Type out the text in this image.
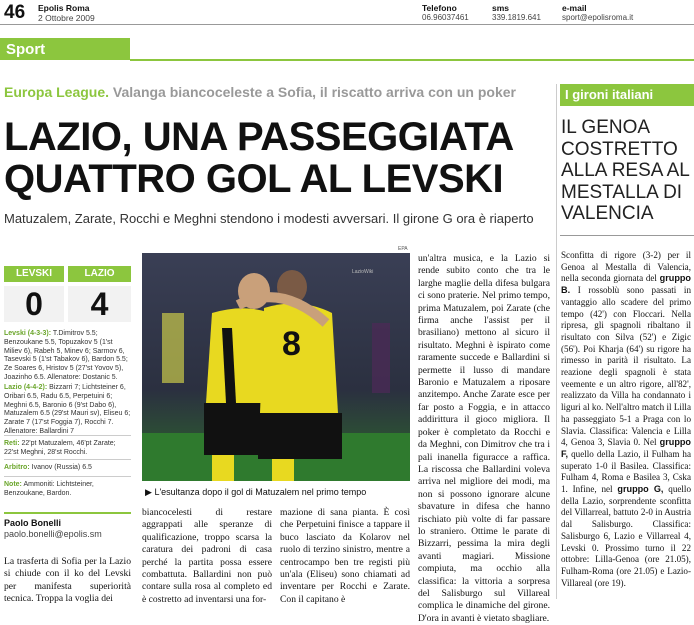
46 Epolis Roma
2 Ottobre 2009
Telefono
06.96037461
sms
339.1819.641
e-mail
sport@epolisroma.it
Sport
Europa League. Valanga biancoceleste a Sofia, il riscatto arriva con un poker
LAZIO, UNA PASSEGGIATA
QUATTRO GOL AL LEVSKI
Matuzalem, Zarate, Rocchi e Meghni stendono i modesti avversari. Il girone G ora è riaperto
LEVSKI	LAZIO
0	4
Levski (4-3-3): T.Dimitrov 5.5; Benzoukane 5.5, Topuzakov 5 (1'st Miliev 6), Rabeh 5, Minev 6; Sarmov 6, Tasevski 5 (1'st Tabakov 6), Bardon 5.5; Ze Soares 6, Hristov 5 (27'st Yovov 5), Joazinho 6.5. Allenatore: Dostanic 5.
Lazio (4-4-2): Bizzarri 7; Lichtsteiner 6, Oribari 6.5, Radu 6.5, Perpetuini 6; Meghni 6.5, Baronio 6 (9'st Dabo 6), Matuzalem 6.5 (29'st Mauri sv), Eliseu 6; Zarate 7 (17'st Foggia 7), Rocchi 7. Allenatore: Ballardini 7
Reti: 22'pt Matuzalem, 46'pt Zarate; 22'st Meghni, 28'st Rocchi.
Arbitro: Ivanov (Russia) 6.5
Note: Ammoniti: Lichtsteiner, Benzoukane, Bardon.
Paolo Bonelli
paolo.bonelli@epolis.sm
EPA
8
LazioWiki
▶ L'esultanza dopo il gol di Matuzalem nel primo tempo
La trasferta di Sofia per la Lazio si chiude con il ko del Levski per manifesta superiorità tecnica. Troppa la voglia dei
biancocelesti di restare aggrappati alle speranze di qualificazione, troppo scarsa la caratura dei padroni di casa perché la partita possa essere combattuta. Ballardini non può contare sulla rosa al completo ed è costretto ad inventarsi una for-
mazione di sana pianta. È così che Perpetuini finisce a tappare il buco lasciato da Kolarov nel ruolo di terzino sinistro, mentre a centrocampo ben tre registi più un'ala (Eliseu) sono chiamati ad inventare per Rocchi e Zarate. Con il capitano è
un'altra musica, e la Lazio si rende subito conto che tra le larghe maglie della difesa bulgara ci sono praterie. Nel primo tempo, prima Matuzalem, poi Zarate (che firma anche l'assist per il brasiliano) mettono al sicuro il risultato. Meghni è ispirato come raramente succede e Ballardini si permette il lusso di mandare Baronio e Matuzalem a riposare anzitempo. Anche Zarate esce per far posto a Foggia, e in attacco addirittura il gioco migliora. Il poker è completato da Rocchi e da Meghni, con Dimitrov che tra i pali inanella figuracce a raffica. La riscossa che Ballardini voleva arriva nel migliore dei modi, ma non si possono ignorare alcune sbavature in difesa che hanno rischiato più volte di far passare lo straniero. Ottime le parate di Bizzarri, pessima la mira degli avanti magiari. Missione compiuta, ma occhio alla classifica: la vittoria a sorpresa del Salisburgo sul Villareal complica le dinamiche del girone. D'ora in avanti è vietato sbagliare.
I gironi italiani
IL GENOA COSTRETTO ALLA RESA AL MESTALLA DI VALENCIA
Sconfitta di rigore (3-2) per il Genoa al Mestalla di Valencia, nella seconda giornata del gruppo B. I rossoblù sono passati in vantaggio allo scadere del primo tempo (42') con Floccari. Nella ripresa, gli spagnoli ribaltano il risultato con Silva (52') e Zigic (56'). Poi Kharja (64') su rigore ha rimesso in parità il risultato. La reazione degli spagnoli è stata veemente e un altro rigore, all'82', realizzato da Villa ha condannato i liguri al ko. Nell'altro match il Lilla ha passeggiato 5-1 a Praga con lo Slavia. Classifica: Valencia e Lilla 4, Genoa 3, Slavia 0. Nel gruppo F, quello della Lazio, il Fulham ha superato 1-0 il Basilea. Classifica: Fulham 4, Roma e Basilea 3, Cska 1. Infine, nel gruppo G, quello della Lazio, sorprendente sconfitta del Villarreal, battuto 2-0 in Austria dal Salisburgo. Classifica: Salisburgo 6, Lazio e Villarreal 4, Levski 0. Prossimo turno il 22 ottobre: Lilla-Genoa (ore 21.05), Fulham-Roma (ore 21.05) e Lazio-Villareal (ore 19).
